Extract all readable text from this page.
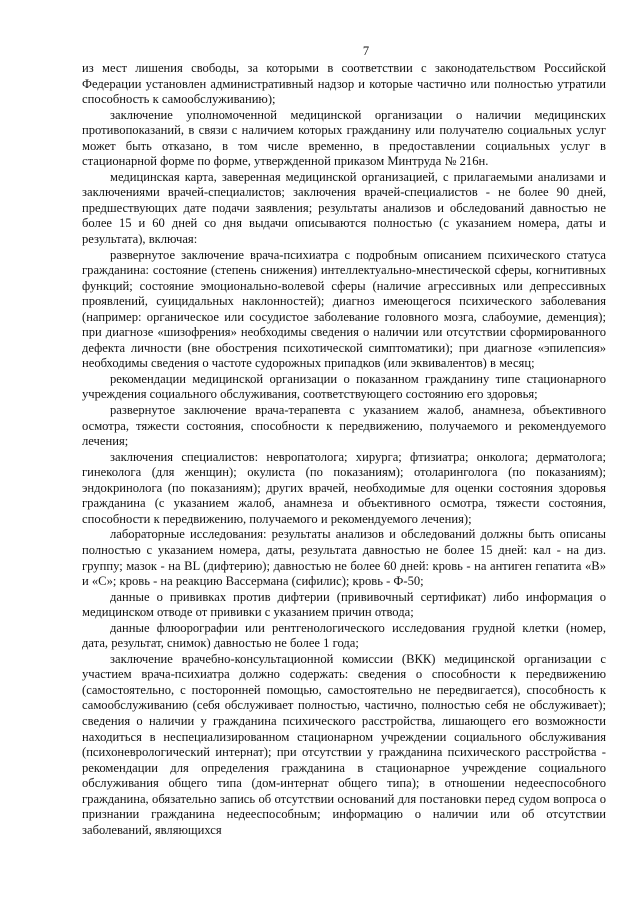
7

из мест лишения свободы, за которыми в соответствии с законодательством Российской Федерации установлен административный надзор и которые частично или полностью утратили способность к самообслуживанию);

заключение уполномоченной медицинской организации о наличии медицинских противопоказаний, в связи с наличием которых гражданину или получателю социальных услуг может быть отказано, в том числе временно, в предоставлении социальных услуг в стационарной форме по форме, утвержденной приказом Минтруда № 216н.

медицинская карта, заверенная медицинской организацией, с прилагаемыми анализами и заключениями врачей-специалистов; заключения врачей-специалистов - не более 90 дней, предшествующих дате подачи заявления; результаты анализов и обследований давностью не более 15 и 60 дней со дня выдачи описываются полностью (с указанием номера, даты и результата), включая:

развернутое заключение врача-психиатра с подробным описанием психического статуса гражданина: состояние (степень снижения) интеллектуально-мнестической сферы, когнитивных функций; состояние эмоционально-волевой сферы (наличие агрессивных или депрессивных проявлений, суицидальных наклонностей); диагноз имеющегося психического заболевания (например: органическое или сосудистое заболевание головного мозга, слабоумие, деменция); при диагнозе «шизофрения» необходимы сведения о наличии или отсутствии сформированного дефекта личности (вне обострения психотической симптоматики); при диагнозе «эпилепсия» необходимы сведения о частоте судорожных припадков (или эквивалентов) в месяц;

рекомендации медицинской организации о показанном гражданину типе стационарного учреждения социального обслуживания, соответствующего состоянию его здоровья;

развернутое заключение врача-терапевта с указанием жалоб, анамнеза, объективного осмотра, тяжести состояния, способности к передвижению, получаемого и рекомендуемого лечения;

заключения специалистов: невропатолога; хирурга; фтизиатра; онколога; дерматолога; гинеколога (для женщин); окулиста (по показаниям); отоларинголога (по показаниям); эндокринолога (по показаниям); других врачей, необходимые для оценки состояния здоровья гражданина (с указанием жалоб, анамнеза и объективного осмотра, тяжести состояния, способности к передвижению, получаемого и рекомендуемого лечения);

лабораторные исследования: результаты анализов и обследований должны быть описаны полностью с указанием номера, даты, результата давностью не более 15 дней: кал - на диз. группу; мазок - на BL (дифтерию); давностью не более 60 дней: кровь - на антиген гепатита «В» и «С»; кровь - на реакцию Вассермана (сифилис); кровь - Ф-50;

данные о прививках против дифтерии (прививочный сертификат) либо информация о медицинском отводе от прививки с указанием причин отвода;

данные флюорографии или рентгенологического исследования грудной клетки (номер, дата, результат, снимок) давностью не более 1 года;

заключение врачебно-консультационной комиссии (ВКК) медицинской организации с участием врача-психиатра должно содержать: сведения о способности к передвижению (самостоятельно, с посторонней помощью, самостоятельно не передвигается), способность к самообслуживанию (себя обслуживает полностью, частично, полностью себя не обслуживает); сведения о наличии у гражданина психического расстройства, лишающего его возможности находиться в неспециализированном стационарном учреждении социального обслуживания (психоневрологический интернат); при отсутствии у гражданина психического расстройства - рекомендации для определения гражданина в стационарное учреждение социального обслуживания общего типа (дом-интернат общего типа); в отношении недееспособного гражданина, обязательно запись об отсутствии оснований для постановки перед судом вопроса о признании гражданина недееспособным; информацию о наличии или об отсутствии заболеваний, являющихся
